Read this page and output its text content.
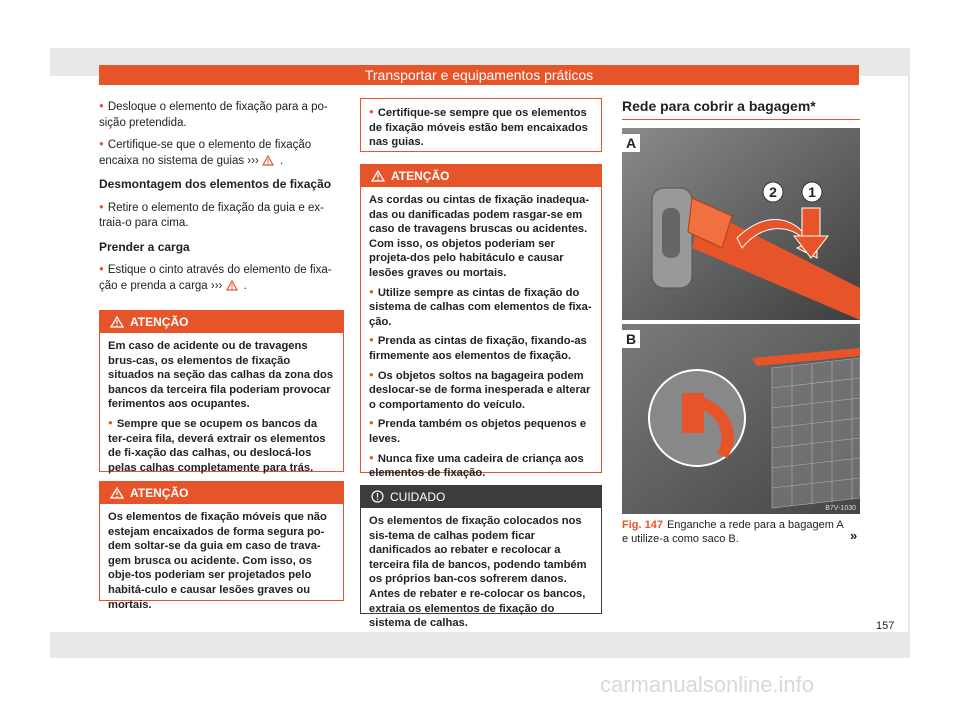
Transportar e equipamentos práticos

● Desloque o elemento de fixação para a po-sição pretendida.

● Certifique-se que o elemento de fixação encaixa no sistema de guias ››› .

Desmontagem dos elementos de fixação

● Retire o elemento de fixação da guia e ex-traia-o para cima.

Prender a carga

● Estique o cinto através do elemento de fixa-ção e prenda a carga ››› .

ATENÇÃO

Em caso de acidente ou de travagens brus-cas, os elementos de fixação situados na seção das calhas da zona dos bancos da terceira fila poderiam provocar ferimentos aos ocupantes.

● Sempre que se ocupem os bancos da ter-ceira fila, deverá extrair os elementos de fi-xação das calhas, ou deslocá-los pelas calhas completamente para trás.

ATENÇÃO

Os elementos de fixação móveis que não estejam encaixados de forma segura po-dem soltar-se da guia em caso de trava-gem brusca ou acidente. Com isso, os obje-tos poderiam ser projetados pelo habitá-culo e causar lesões graves ou mortais.

● Certifique-se sempre que os elementos de fixação móveis estão bem encaixados nas guias.

ATENÇÃO

As cordas ou cintas de fixação inadequa-das ou danificadas podem rasgar-se em caso de travagens bruscas ou acidentes. Com isso, os objetos poderiam ser projeta-dos pelo habitáculo e causar lesões graves ou mortais.

● Utilize sempre as cintas de fixação do sistema de calhas com elementos de fixa-ção.

● Prenda as cintas de fixação, fixando-as firmemente aos elementos de fixação.

● Os objetos soltos na bagageira podem deslocar-se de forma inesperada e alterar o comportamento do veículo.

● Prenda também os objetos pequenos e leves.

● Nunca fixe uma cadeira de criança aos elementos de fixação.

CUIDADO

Os elementos de fixação colocados nos sis-tema de calhas podem ficar danificados ao rebater e recolocar a terceira fila de bancos, podendo também os próprios ban-cos sofrerem danos. Antes de rebater e re-colocar os bancos, extraia os elementos de fixação do sistema de calhas.

Rede para cobrir a bagagem*
2 1
A
B
B7V-1030
Fig. 147 Enganche a rede para a bagagem A e utilize-a como saco B.	»
157
carmanualsonline.info
